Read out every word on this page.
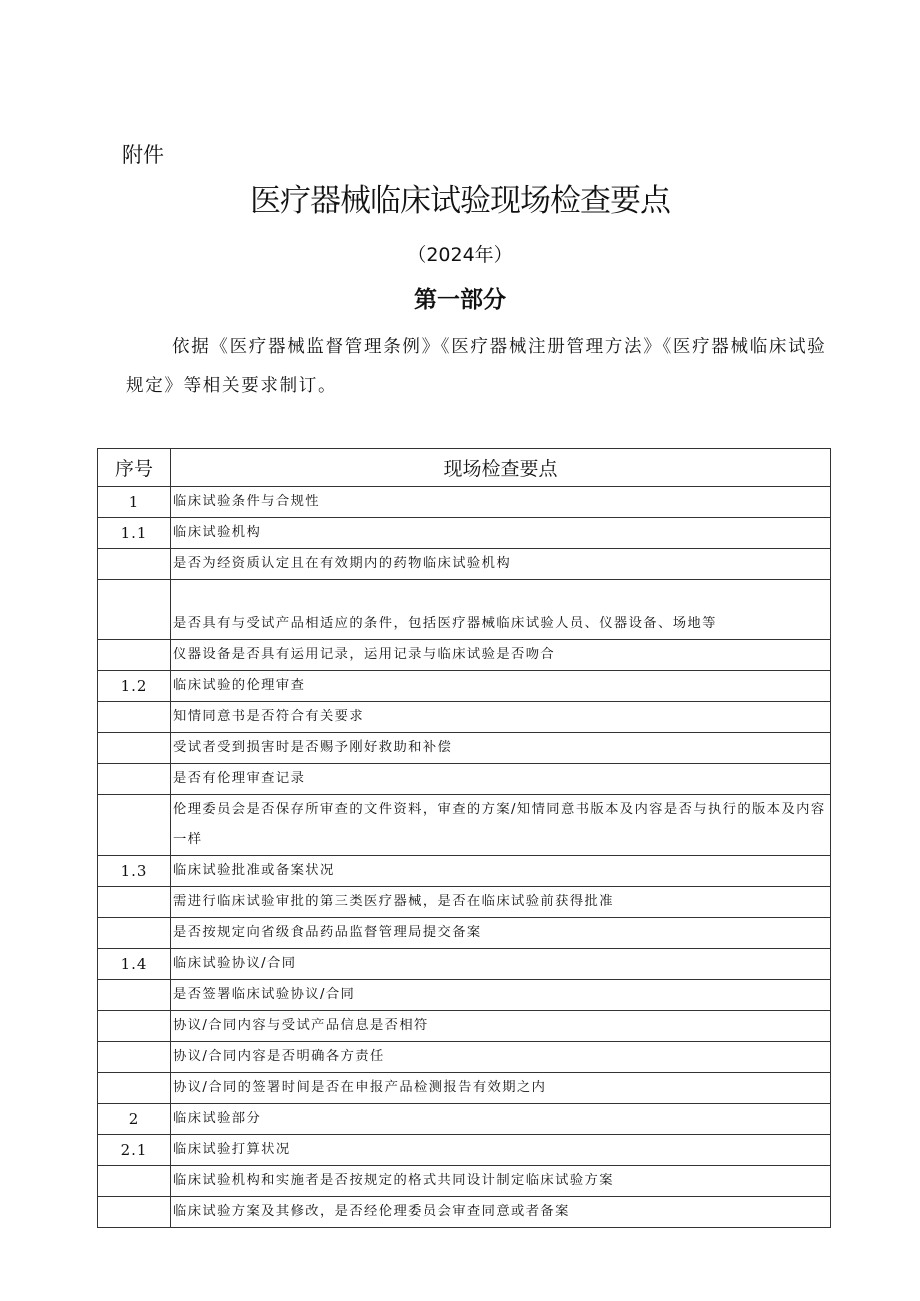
附件
医疗器械临床试验现场检查要点
（2024年）
第一部分
依据《医疗器械监督管理条例》《医疗器械注册管理方法》《医疗器械临床试验规定》等相关要求制订。
序号	现场检查要点
1	临床试验条件与合规性
1.1	临床试验机构
	是否为经资质认定且在有效期内的药物临床试验机构
	是否具有与受试产品相适应的条件，包括医疗器械临床试验人员、仪器设备、场地等
	仪器设备是否具有运用记录，运用记录与临床试验是否吻合
1.2	临床试验的伦理审查
	知情同意书是否符合有关要求
	受试者受到损害时是否赐予刚好救助和补偿
	是否有伦理审查记录
	伦理委员会是否保存所审查的文件资料，审查的方案/知情同意书版本及内容是否与执行的版本及内容一样
1.3	临床试验批准或备案状况
	需进行临床试验审批的第三类医疗器械，是否在临床试验前获得批准
	是否按规定向省级食品药品监督管理局提交备案
1.4	临床试验协议/合同
	是否签署临床试验协议/合同
	协议/合同内容与受试产品信息是否相符
	协议/合同内容是否明确各方责任
	协议/合同的签署时间是否在申报产品检测报告有效期之内
2	临床试验部分
2.1	临床试验打算状况
	临床试验机构和实施者是否按规定的格式共同设计制定临床试验方案
	临床试验方案及其修改，是否经伦理委员会审查同意或者备案
